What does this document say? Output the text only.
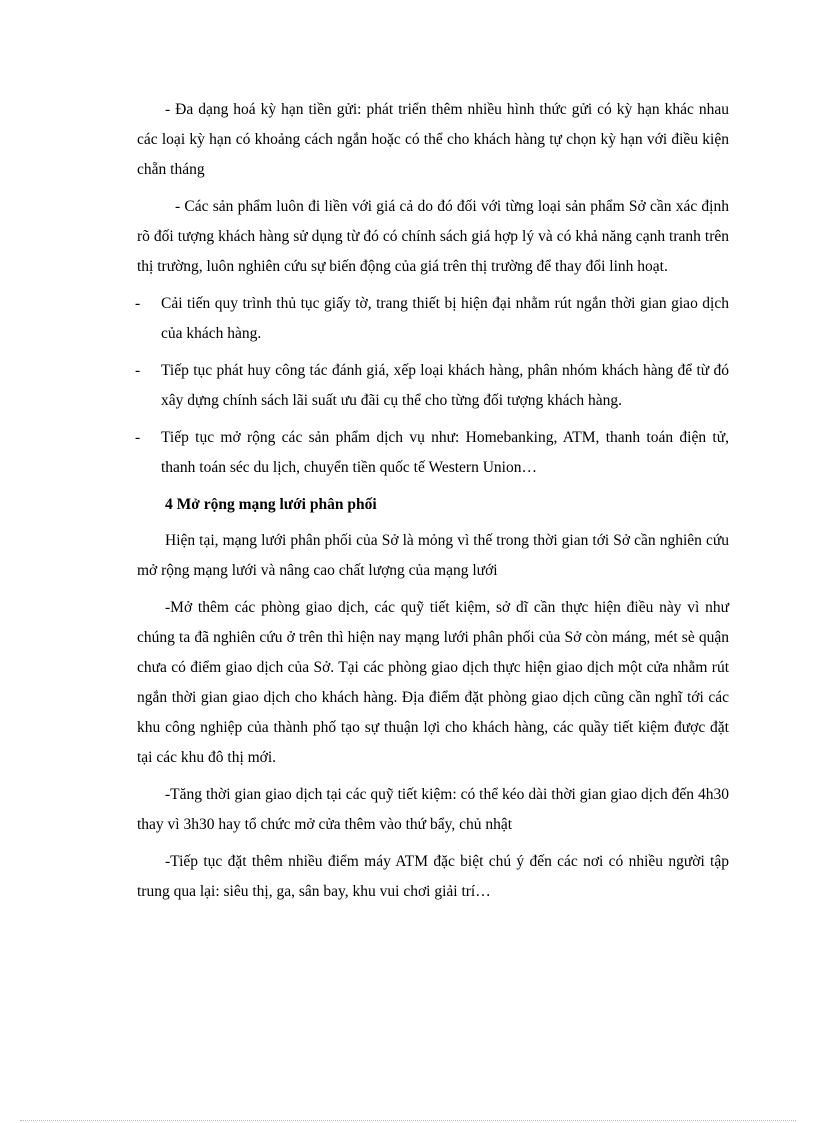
- Đa dạng hoá kỳ hạn tiền gửi: phát triển thêm nhiều hình thức gửi có kỳ hạn khác nhau các loại kỳ hạn có khoảng cách ngắn hoặc có thể cho khách hàng tự chọn kỳ hạn với điều kiện chẵn tháng

- Các sản phẩm luôn đi liền với giá cả do đó đối với từng loại sản phẩm Sở cần xác định rõ đối tượng khách hàng sử dụng từ đó có chính sách giá hợp lý và có khả năng cạnh tranh trên thị trường, luôn nghiên cứu sự biến động của giá trên thị trường để thay đổi linh hoạt.

- Cải tiến quy trình thủ tục giấy tờ, trang thiết bị hiện đại nhằm rút ngắn thời gian giao dịch của khách hàng.
- Tiếp tục phát huy công tác đánh giá, xếp loại khách hàng, phân nhóm khách hàng để từ đó xây dựng chính sách lãi suất ưu đãi cụ thể cho từng đối tượng khách hàng.
- Tiếp tục mở rộng các sản phẩm dịch vụ như: Homebanking, ATM, thanh toán điện tử, thanh toán séc du lịch, chuyển tiền quốc tế Western Union…

4 Mở rộng mạng lưới phân phối

Hiện tại, mạng lưới phân phối của Sở là mỏng vì thế trong thời gian tới Sở cần nghiên cứu mở rộng mạng lưới và nâng cao chất lượng của mạng lưới

-Mở thêm các phòng giao dịch, các quỹ tiết kiệm, sở dĩ cần thực hiện điều này vì như chúng ta đã nghiên cứu ở trên thì hiện nay mạng lưới phân phối của Sở còn máng, mét sè quận chưa có điểm giao dịch của Sở. Tại các phòng giao dịch thực hiện giao dịch một cửa nhằm rút ngắn thời gian giao dịch cho khách hàng. Địa điểm đặt phòng giao dịch cũng cần nghĩ tới các khu công nghiệp của thành phố tạo sự thuận lợi cho khách hàng, các quầy tiết kiệm được đặt tại các khu đô thị mới.

-Tăng thời gian giao dịch tại các quỹ tiết kiệm: có thể kéo dài thời gian giao dịch đến 4h30 thay vì 3h30 hay tổ chức mở cửa thêm vào thứ bẩy, chủ nhật

-Tiếp tục đặt thêm nhiều điểm máy ATM đặc biệt chú ý đến các nơi có nhiều người tập trung qua lại: siêu thị, ga, sân bay, khu vui chơi giải trí…
